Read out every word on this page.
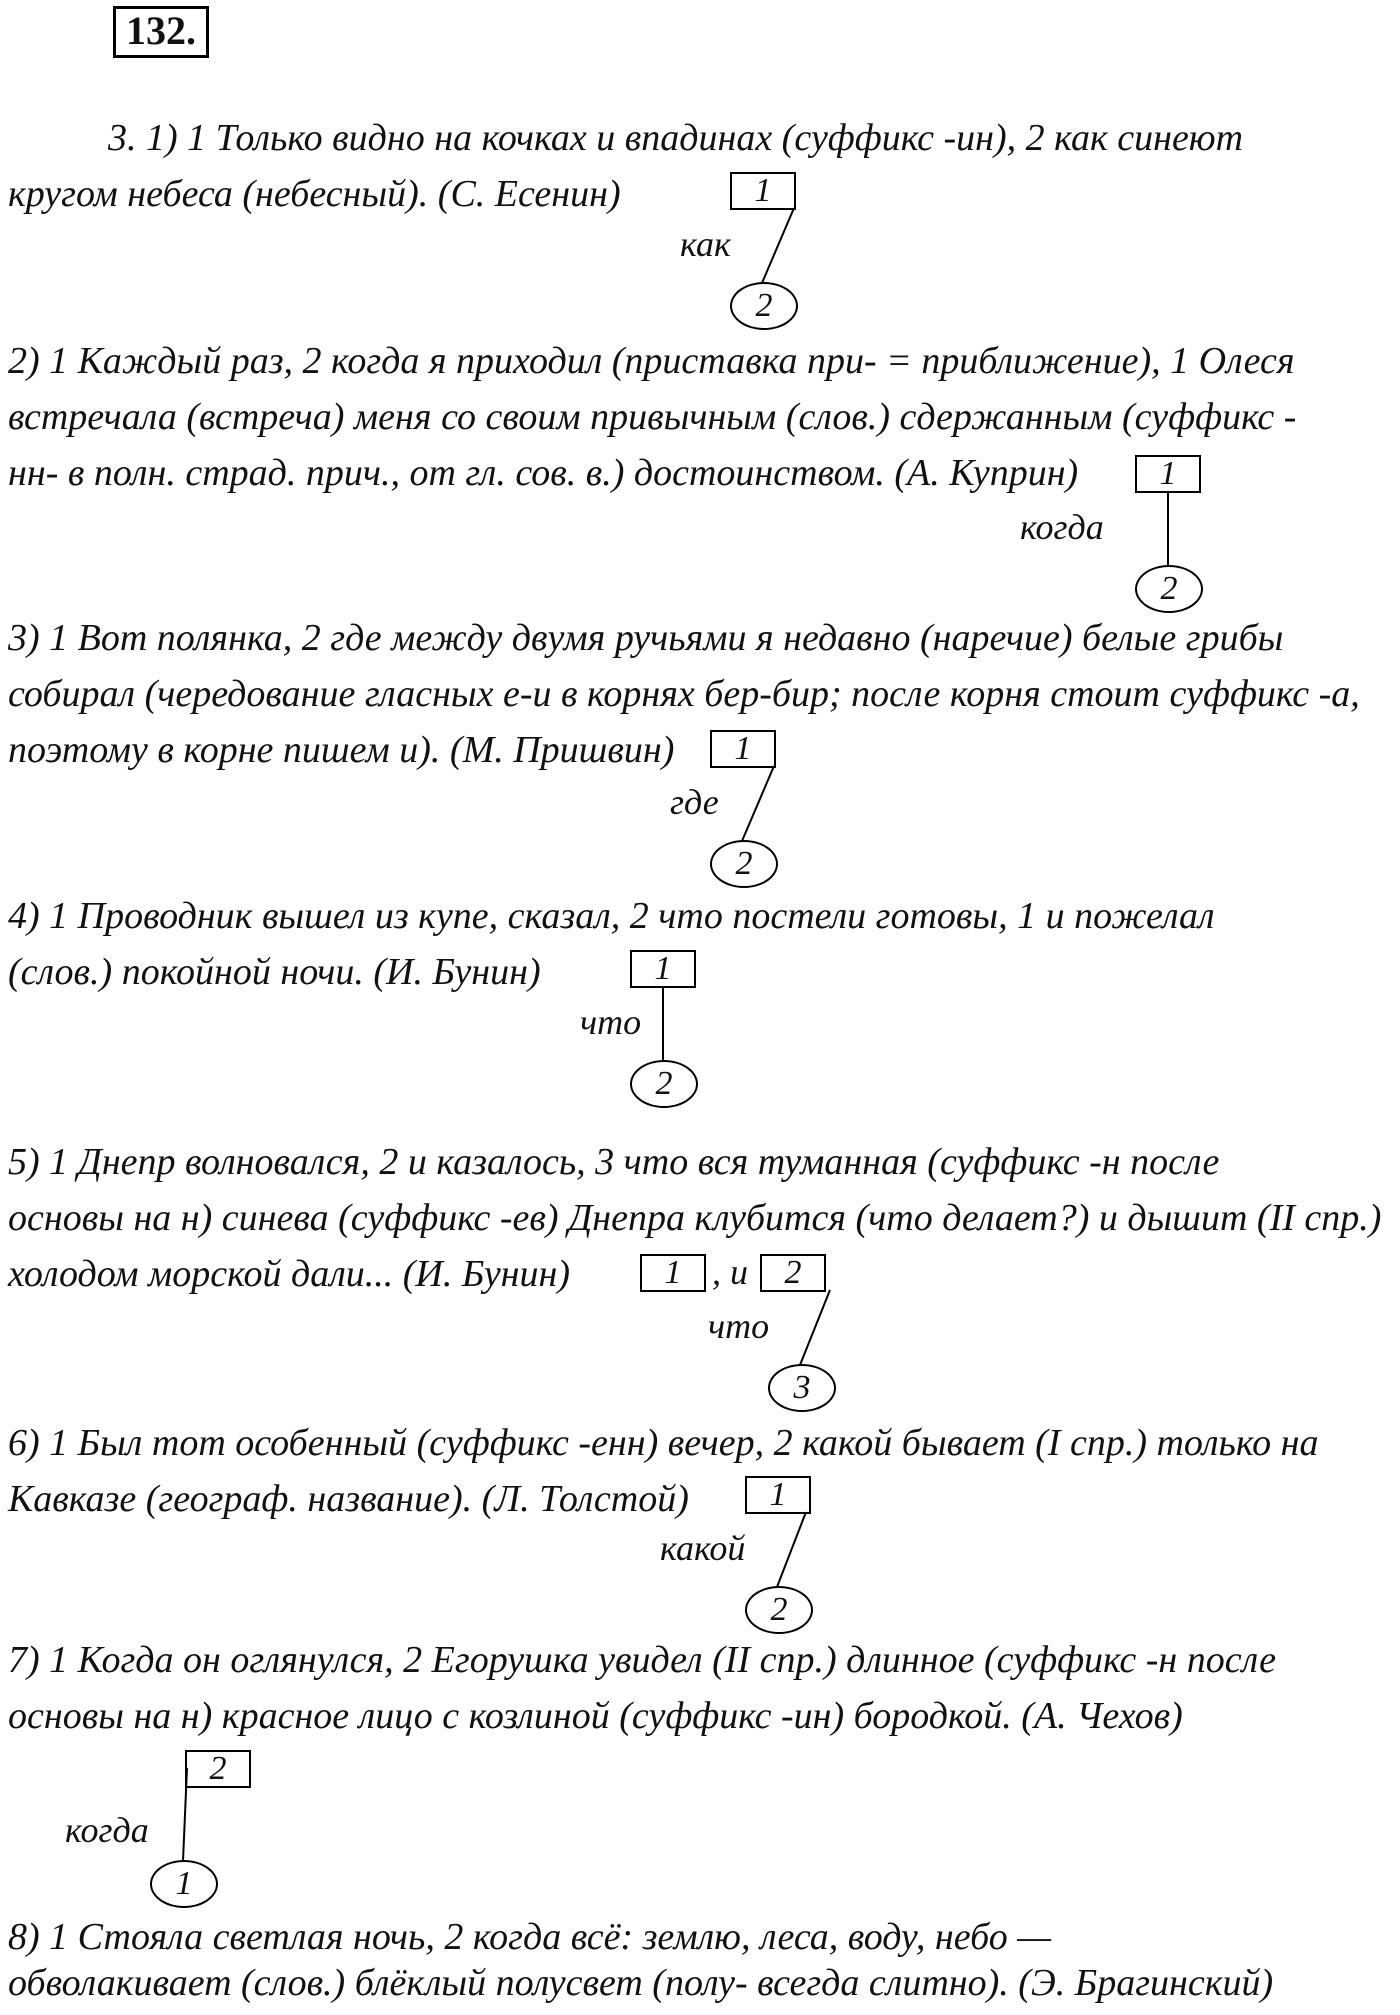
132.
3. 1) 1 Только видно на кочках и впадинах (суффикс -ин), 2 как синеют
кругом небеса (небесный). (С. Есенин)
2) 1 Каждый раз, 2 когда я приходил (приставка при- = приближение), 1 Олеся
встречала (встреча) меня со своим привычным (слов.) сдержанным (суффикс -
нн- в полн. страд. прич., от гл. сов. в.) достоинством. (А. Куприн)
3) 1 Вот полянка, 2 где между двумя ручьями я недавно (наречие) белые грибы
собирал (чередование гласных е-и в корнях бер-бир; после корня стоит суффикс -а,
поэтому в корне пишем и). (М. Пришвин)
4) 1 Проводник вышел из купе, сказал, 2 что постели готовы, 1 и пожелал
(слов.) покойной ночи. (И. Бунин)
5) 1 Днепр волновался, 2 и казалось, 3 что вся туманная (суффикс -н после
основы на н) синева (суффикс -ев) Днепра клубится (что делает?) и дышит (II спр.)
холодом морской дали... (И. Бунин)
6) 1 Был тот особенный (суффикс -енн) вечер, 2 какой бывает (I спр.) только на
Кавказе (географ. название). (Л. Толстой)
7) 1 Когда он оглянулся, 2 Егорушка увидел (II спр.) длинное (суффикс -н после
основы на н) красное лицо с козлиной (суффикс -ин) бородкой. (А. Чехов)
8) 1 Стояла светлая ночь, 2 когда всё: землю, леса, воду, небо —
обволакивает (слов.) блёклый полусвет (полу- всегда слитно). (Э. Брагинский)
1
как
2
1
когда
2
1
где
2
1
что
2
1 , и	2
что
3
1
какой
2
2
когда
1
